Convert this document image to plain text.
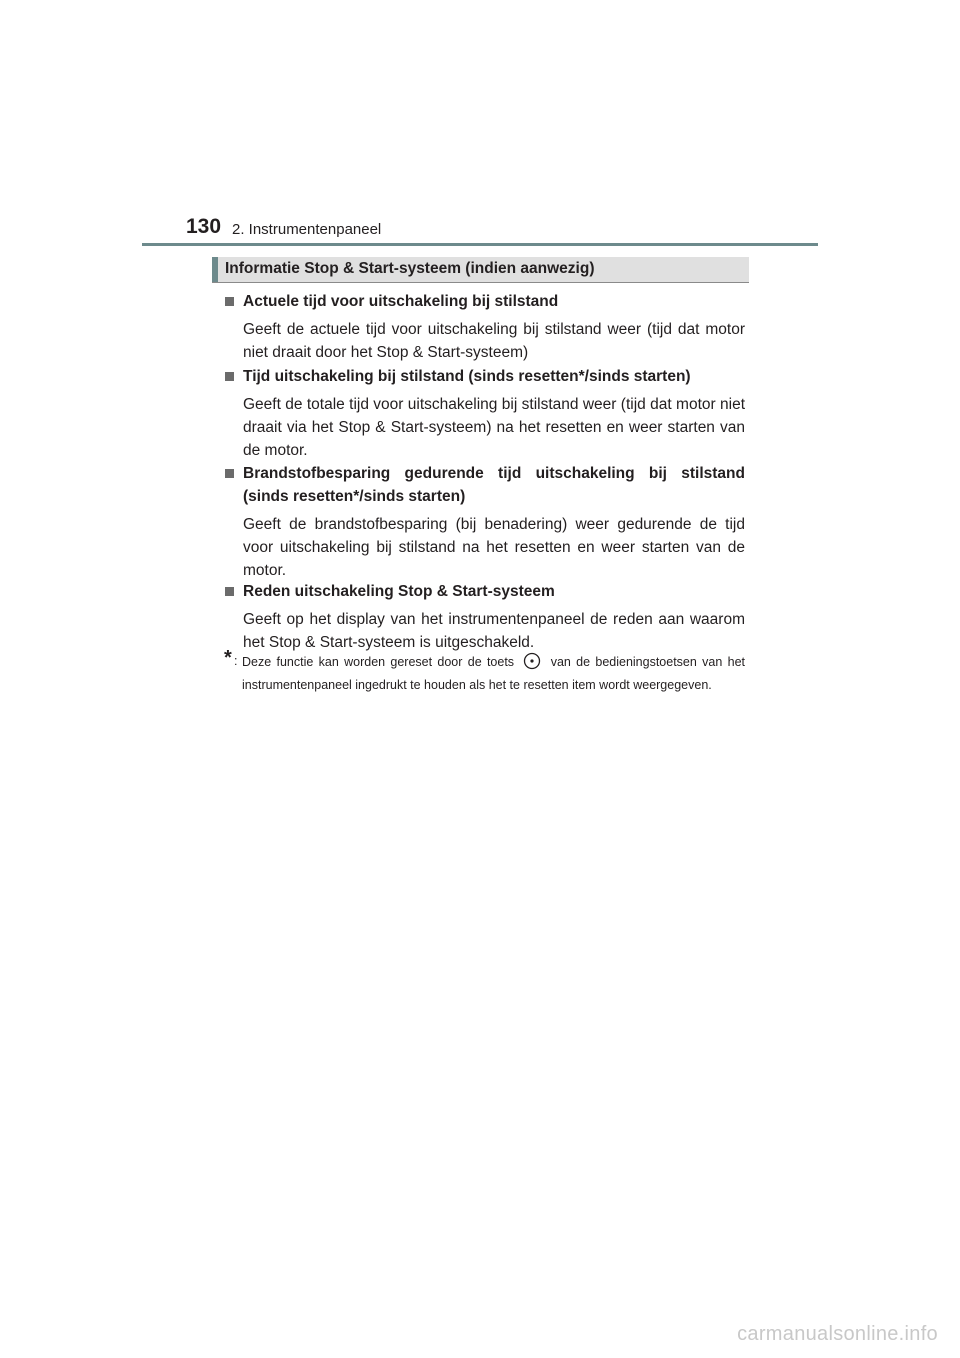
130 2. Instrumentenpaneel
Informatie Stop & Start-systeem (indien aanwezig)
Actuele tijd voor uitschakeling bij stilstand
Geeft de actuele tijd voor uitschakeling bij stilstand weer (tijd dat motor niet draait door het Stop & Start-systeem)
Tijd uitschakeling bij stilstand (sinds resetten*/sinds starten)
Geeft de totale tijd voor uitschakeling bij stilstand weer (tijd dat motor niet draait via het Stop & Start-systeem) na het resetten en weer starten van de motor.
Brandstofbesparing gedurende tijd uitschakeling bij stilstand (sinds resetten*/sinds starten)
Geeft de brandstofbesparing (bij benadering) weer gedurende de tijd voor uitschakeling bij stilstand na het resetten en weer starten van de motor.
Reden uitschakeling Stop & Start-systeem
Geeft op het display van het instrumentenpaneel de reden aan waarom het Stop & Start-systeem is uitgeschakeld.
* : Deze functie kan worden gereset door de toets	van de bedieningstoetsen van het instrumentenpaneel ingedrukt te houden als het te resetten item wordt weergegeven.
carmanualsonline.info
